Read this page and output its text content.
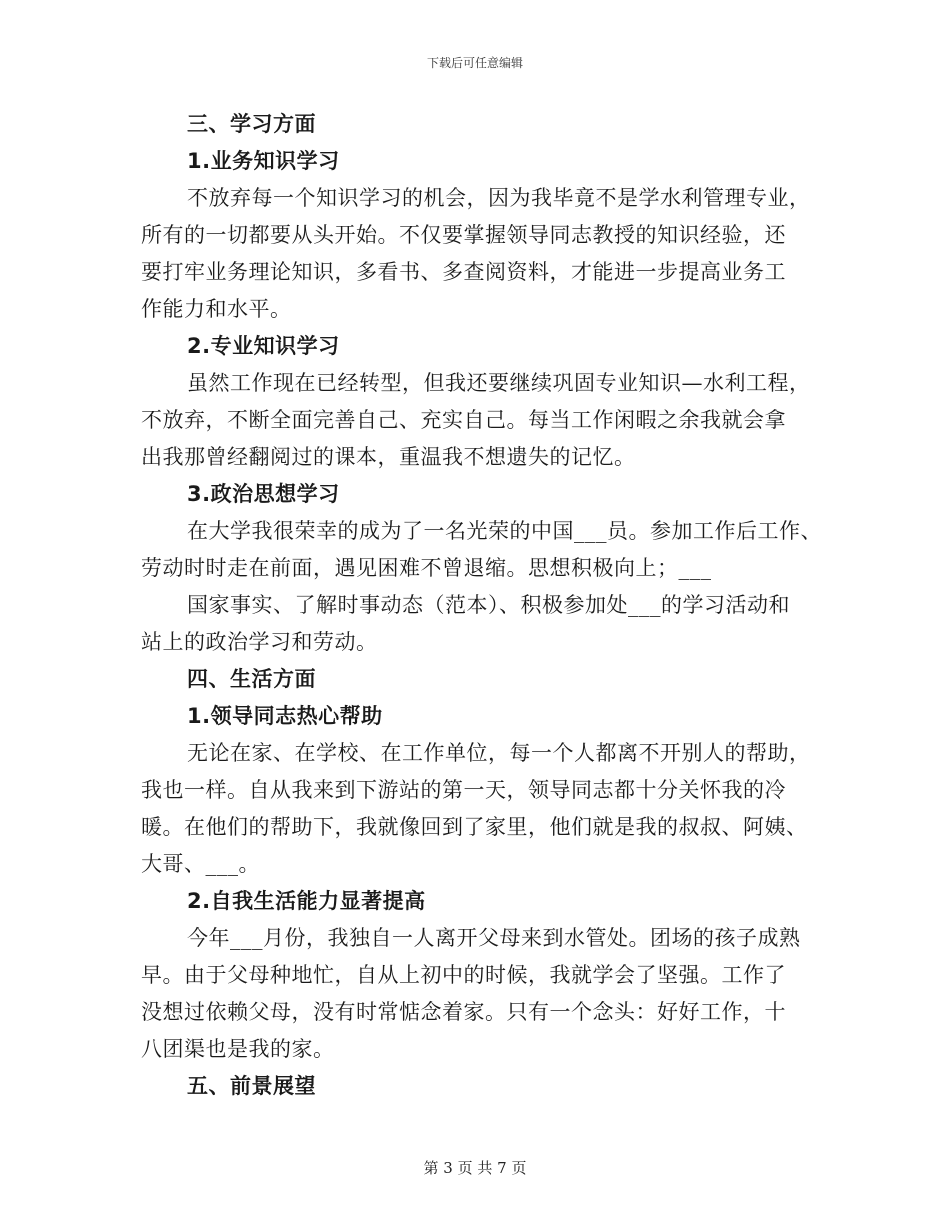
下载后可任意编辑
三、学习方面
1.业务知识学习
不放弃每一个知识学习的机会，因为我毕竟不是学水利管理专业，
所有的一切都要从头开始。不仅要掌握领导同志教授的知识经验，还
要打牢业务理论知识，多看书、多查阅资料，才能进一步提高业务工
作能力和水平。
2.专业知识学习
虽然工作现在已经转型，但我还要继续巩固专业知识—水利工程，
不放弃，不断全面完善自己、充实自己。每当工作闲暇之余我就会拿
出我那曾经翻阅过的课本，重温我不想遗失的记忆。
3.政治思想学习
在大学我很荣幸的成为了一名光荣的中国___员。参加工作后工作、
劳动时时走在前面，遇见困难不曾退缩。思想积极向上；___
国家事实、了解时事动态（范本）、积极参加处___的学习活动和
站上的政治学习和劳动。
四、生活方面
1.领导同志热心帮助
无论在家、在学校、在工作单位，每一个人都离不开别人的帮助，
我也一样。自从我来到下游站的第一天，领导同志都十分关怀我的冷
暖。在他们的帮助下，我就像回到了家里，他们就是我的叔叔、阿姨、
大哥、___。
2.自我生活能力显著提高
今年___月份，我独自一人离开父母来到水管处。团场的孩子成熟
早。由于父母种地忙，自从上初中的时候，我就学会了坚强。工作了
没想过依赖父母，没有时常惦念着家。只有一个念头：好好工作，十
八团渠也是我的家。
五、前景展望
第 3 页 共 7 页
